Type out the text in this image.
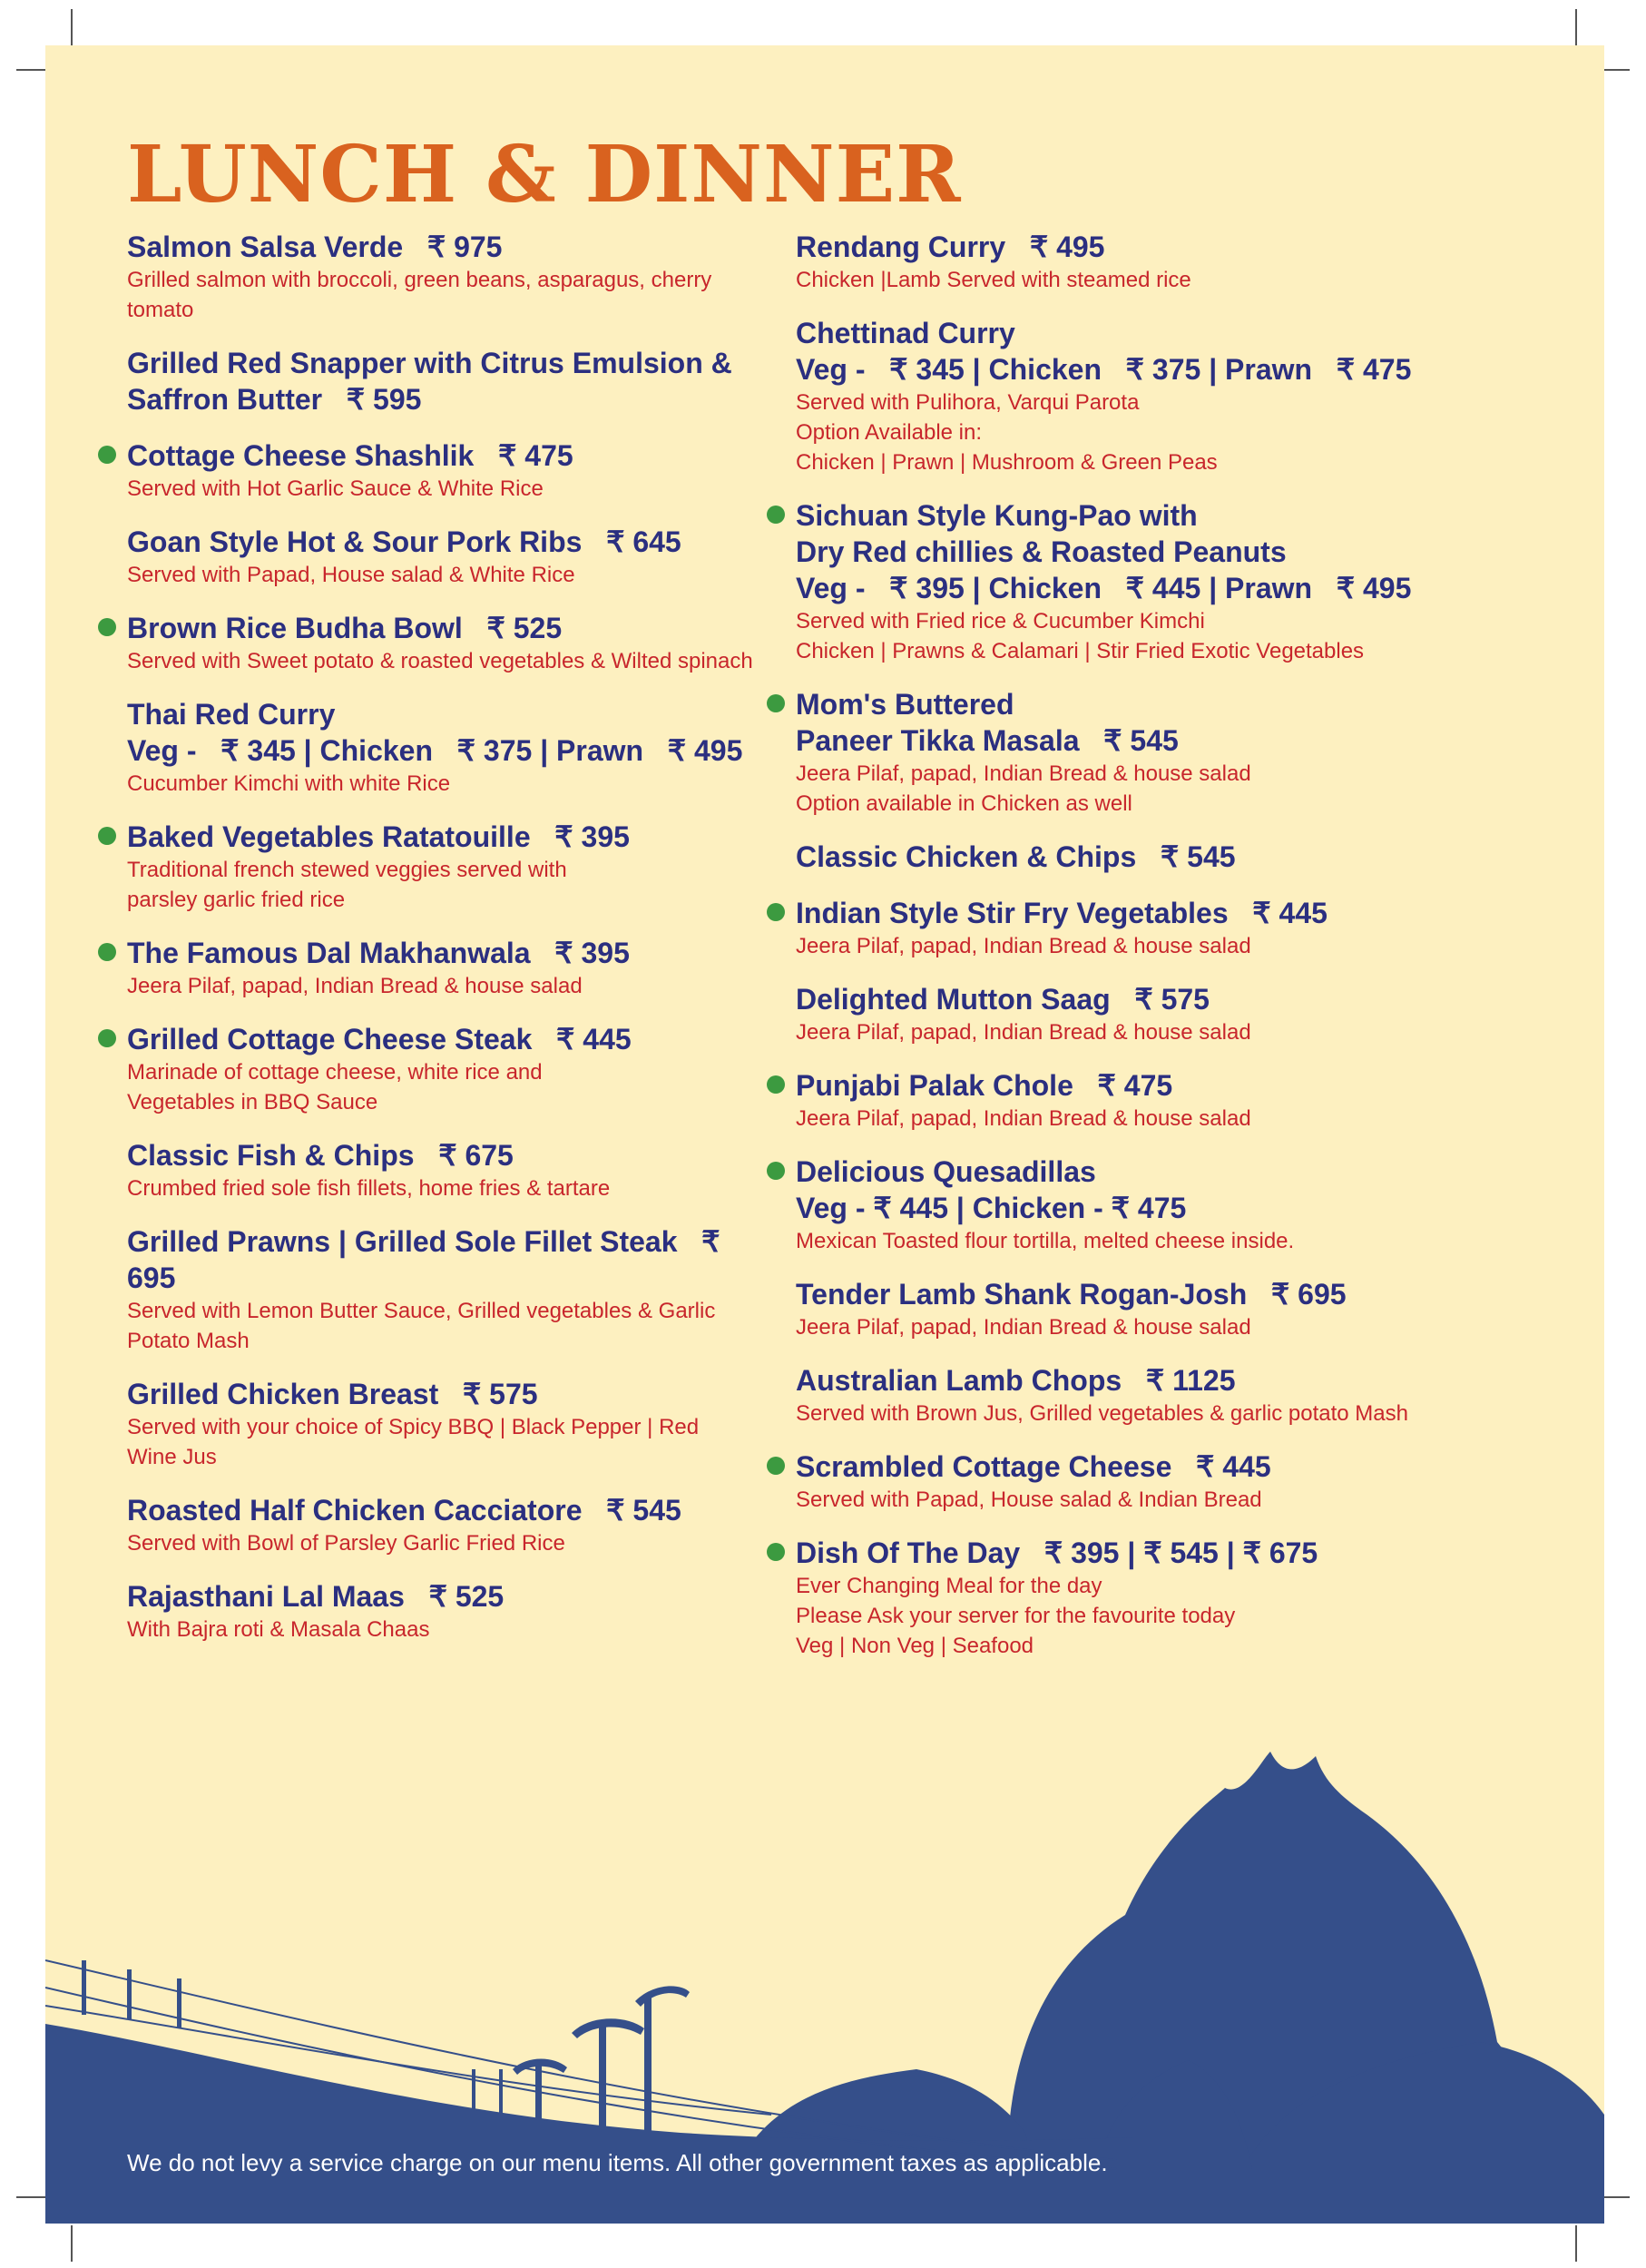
LUNCH & DINNER
Salmon Salsa Verde   ₹ 975
Grilled salmon with broccoli, green beans, asparagus, cherry
tomato
Grilled Red Snapper with Citrus Emulsion &
Saffron Butter   ₹ 595
Cottage Cheese Shashlik   ₹ 475
Served with Hot Garlic Sauce & White Rice
Goan Style Hot & Sour Pork Ribs   ₹ 645
Served with Papad, House salad & White Rice
Brown Rice Budha Bowl   ₹ 525
Served with Sweet potato & roasted vegetables & Wilted spinach
Thai Red Curry
Veg -   ₹ 345 | Chicken   ₹ 375 | Prawn   ₹ 495
Cucumber Kimchi with white Rice
Baked Vegetables Ratatouille   ₹ 395
Traditional french stewed veggies served with
parsley garlic fried rice
The Famous Dal Makhanwala   ₹ 395
Jeera Pilaf, papad, Indian Bread & house salad
Grilled Cottage Cheese Steak   ₹ 445
Marinade of cottage cheese, white rice and
Vegetables in BBQ Sauce
Classic Fish & Chips   ₹ 675
Crumbed fried sole fish fillets, home fries & tartare
Grilled Prawns | Grilled Sole Fillet Steak   ₹ 695
Served with Lemon Butter Sauce, Grilled vegetables & Garlic
Potato Mash
Grilled Chicken Breast   ₹ 575
Served with your choice of Spicy BBQ | Black Pepper | Red
Wine Jus
Roasted Half Chicken Cacciatore   ₹ 545
Served with Bowl of Parsley Garlic Fried Rice
Rajasthani Lal Maas   ₹ 525
With Bajra roti & Masala Chaas
Rendang Curry   ₹ 495
Chicken |Lamb Served with steamed rice
Chettinad Curry
Veg -   ₹ 345 | Chicken   ₹ 375 | Prawn   ₹ 475
Served with Pulihora, Varqui Parota
Option Available in:
Chicken | Prawn | Mushroom & Green Peas
Sichuan Style Kung-Pao with
Dry Red chillies & Roasted Peanuts
Veg -   ₹ 395 | Chicken   ₹ 445 | Prawn   ₹ 495
Served with Fried rice & Cucumber Kimchi
Chicken | Prawns & Calamari | Stir Fried Exotic Vegetables
Mom's Buttered
Paneer Tikka Masala   ₹ 545
Jeera Pilaf, papad, Indian Bread & house salad
Option available in Chicken as well
Classic Chicken & Chips   ₹ 545
Indian Style Stir Fry Vegetables   ₹ 445
Jeera Pilaf, papad, Indian Bread & house salad
Delighted Mutton Saag   ₹ 575
Jeera Pilaf, papad, Indian Bread & house salad
Punjabi Palak Chole   ₹ 475
Jeera Pilaf, papad, Indian Bread & house salad
Delicious Quesadillas
Veg - ₹ 445 | Chicken - ₹ 475
Mexican Toasted flour tortilla, melted cheese inside.
Tender Lamb Shank Rogan-Josh   ₹ 695
Jeera Pilaf, papad, Indian Bread & house salad
Australian Lamb Chops   ₹ 1125
Served with Brown Jus, Grilled vegetables & garlic potato Mash
Scrambled Cottage Cheese   ₹ 445
Served with Papad, House salad & Indian Bread
Dish Of The Day   ₹ 395 | ₹ 545 | ₹ 675
Ever Changing Meal for the day
Please Ask your server for the favourite today
Veg | Non Veg | Seafood
We do not levy a service charge on our menu items. All other government taxes as applicable.
